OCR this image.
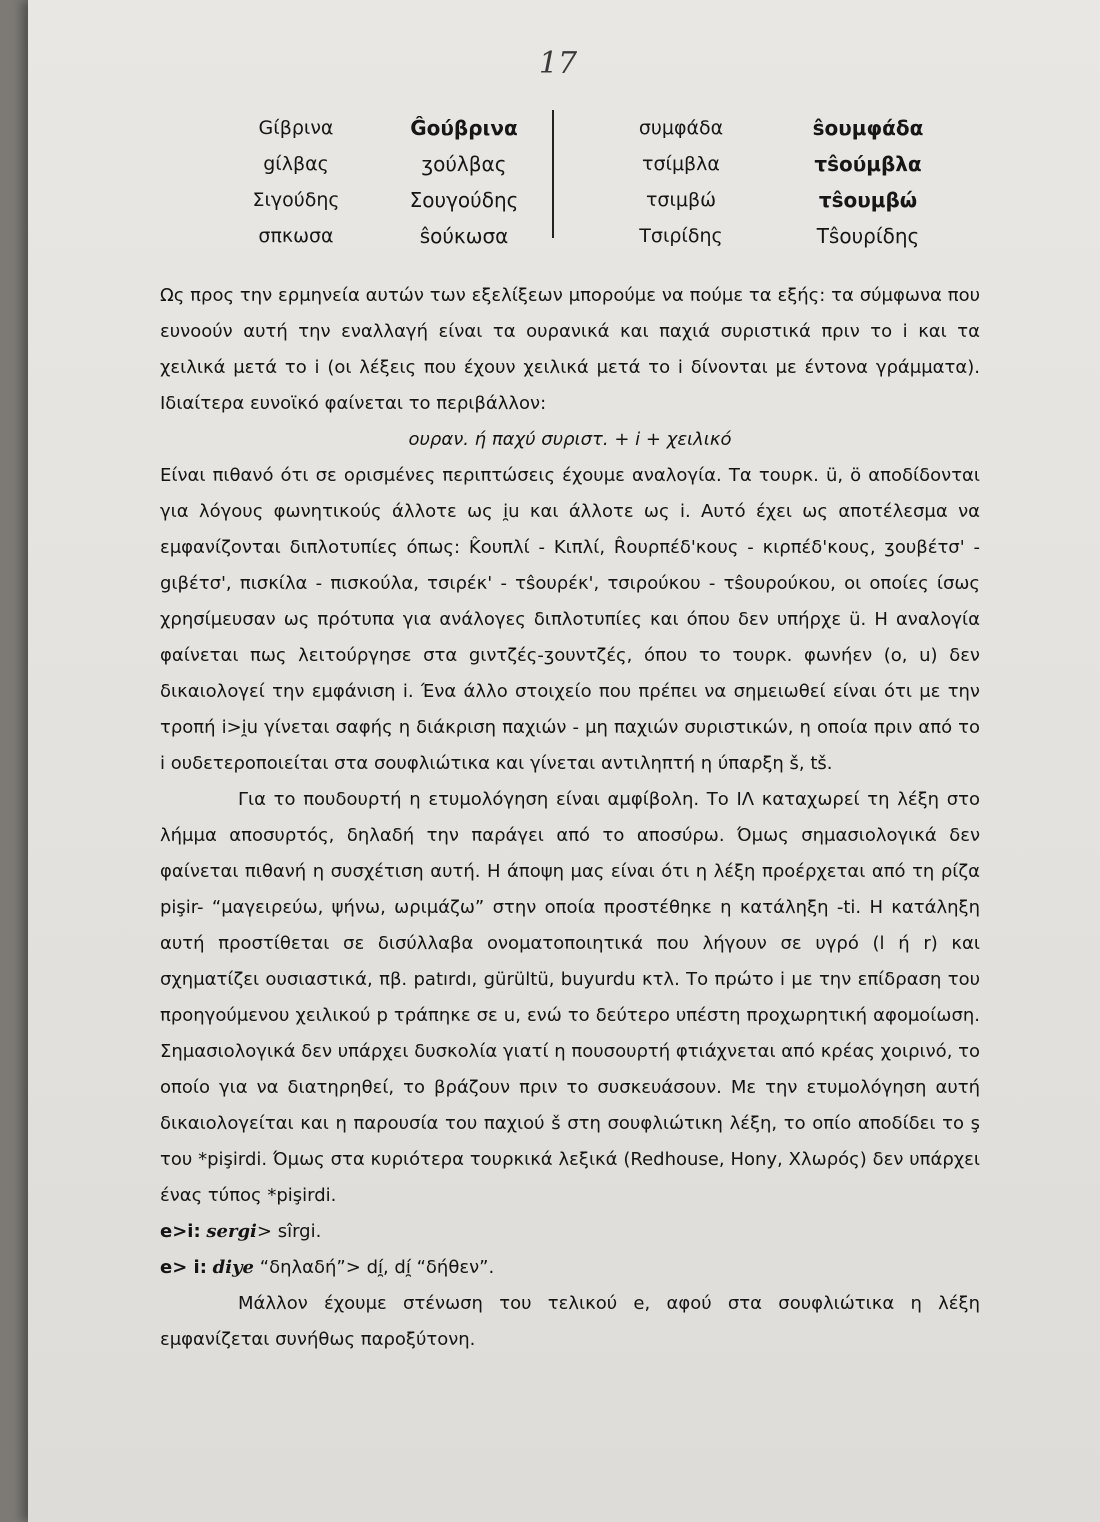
17
Gίβρινα
gίλβας
Σιγούδης
σπκωσα
Ĝούβρινα
ʒούλβας
Σουγούδης
ŝούκωσα
συμφάδα
τσίμβλα
τσιμβώ
Τσιρίδης
ŝουμφάδα
τŝούμβλα
τŝουμβώ
Τŝουρίδης

Ως προς την ερμηνεία αυτών των εξελίξεων μπορούμε να πούμε τα εξής: τα σύμφωνα που ευνοούν αυτή την εναλλαγή είναι τα ουρανικά και παχιά συριστικά πριν το i και τα χειλικά μετά το i (οι λέξεις που έχουν χειλικά μετά το i δίνονται με έντονα γράμματα). Ιδιαίτερα ευνοϊκό φαίνεται το περιβάλλον:

ουραν. ή παχύ συριστ. + i + χειλικό

Είναι πιθανό ότι σε ορισμένες περιπτώσεις έχουμε αναλογία. Τα τουρκ. ü, ö αποδίδονται για λόγους φωνητικούς άλλοτε ως i̯u και άλλοτε ως i. Αυτό έχει ως αποτέλεσμα να εμφανίζονται διπλοτυπίες όπως: K̂ουπλί - Κιπλί, R̂ουρπέδ'κους - κιρπέδ'κους, ʒουβέτσ' - gιβέτσ', πισκίλα - πισκούλα, τσιρέκ' - τŝουρέκ', τσιρούκου - τŝουρούκου, οι οποίες ίσως χρησίμευσαν ως πρότυπα για ανάλογες διπλοτυπίες και όπου δεν υπήρχε ü. Η αναλογία φαίνεται πως λειτούργησε στα gιντζές-ʒουντζές, όπου το τουρκ. φωνήεν (o, u) δεν δικαιολογεί την εμφάνιση i. Ένα άλλο στοιχείο που πρέπει να σημειωθεί είναι ότι με την τροπή i>i̯u γίνεται σαφής η διάκριση παχιών - μη παχιών συριστικών, η οποία πριν από το i ουδετεροποιείται στα σουφλιώτικα και γίνεται αντιληπτή η ύπαρξη š, tš.

Για το πουδουρτή η ετυμολόγηση είναι αμφίβολη. Το ΙΛ καταχωρεί τη λέξη στο λήμμα αποσυρτός, δηλαδή την παράγει από το αποσύρω. Όμως σημασιολογικά δεν φαίνεται πιθανή η συσχέτιση αυτή. Η άποψη μας είναι ότι η λέξη προέρχεται από τη ρίζα pişir- “μαγειρεύω, ψήνω, ωριμάζω” στην οποία προστέθηκε η κατάληξη -ti. Η κατάληξη αυτή προστίθεται σε δισύλλαβα ονοματοποιητικά που λήγουν σε υγρό (l ή r) και σχηματίζει ουσιαστικά, πβ. patırdı, gürültü, buyurdu κτλ. Το πρώτο i με την επίδραση του προηγούμενου χειλικού p τράπηκε σε u, ενώ το δεύτερο υπέστη προχωρητική αφομοίωση. Σημασιολογικά δεν υπάρχει δυσκολία γιατί η πουσουρτή φτιάχνεται από κρέας χοιρινό, το οποίο για να διατηρηθεί, το βράζουν πριν το συσκευάσουν. Με την ετυμολόγηση αυτή δικαιολογείται και η παρουσία του παχιού š στη σουφλιώτικη λέξη, το οπίο αποδίδει το ş του *pişirdi. Όμως στα κυριότερα τουρκικά λεξικά (Redhouse, Hony, Χλωρός) δεν υπάρχει ένας τύπος *pişirdi.

e>i: sergi> sîrgi.

e> i: diye “δηλαδή”> dí̯, dí̯ “δήθεν”.

Μάλλον έχουμε στένωση του τελικού e, αφού στα σουφλιώτικα η λέξη εμφανίζεται συνήθως παροξύτονη.
